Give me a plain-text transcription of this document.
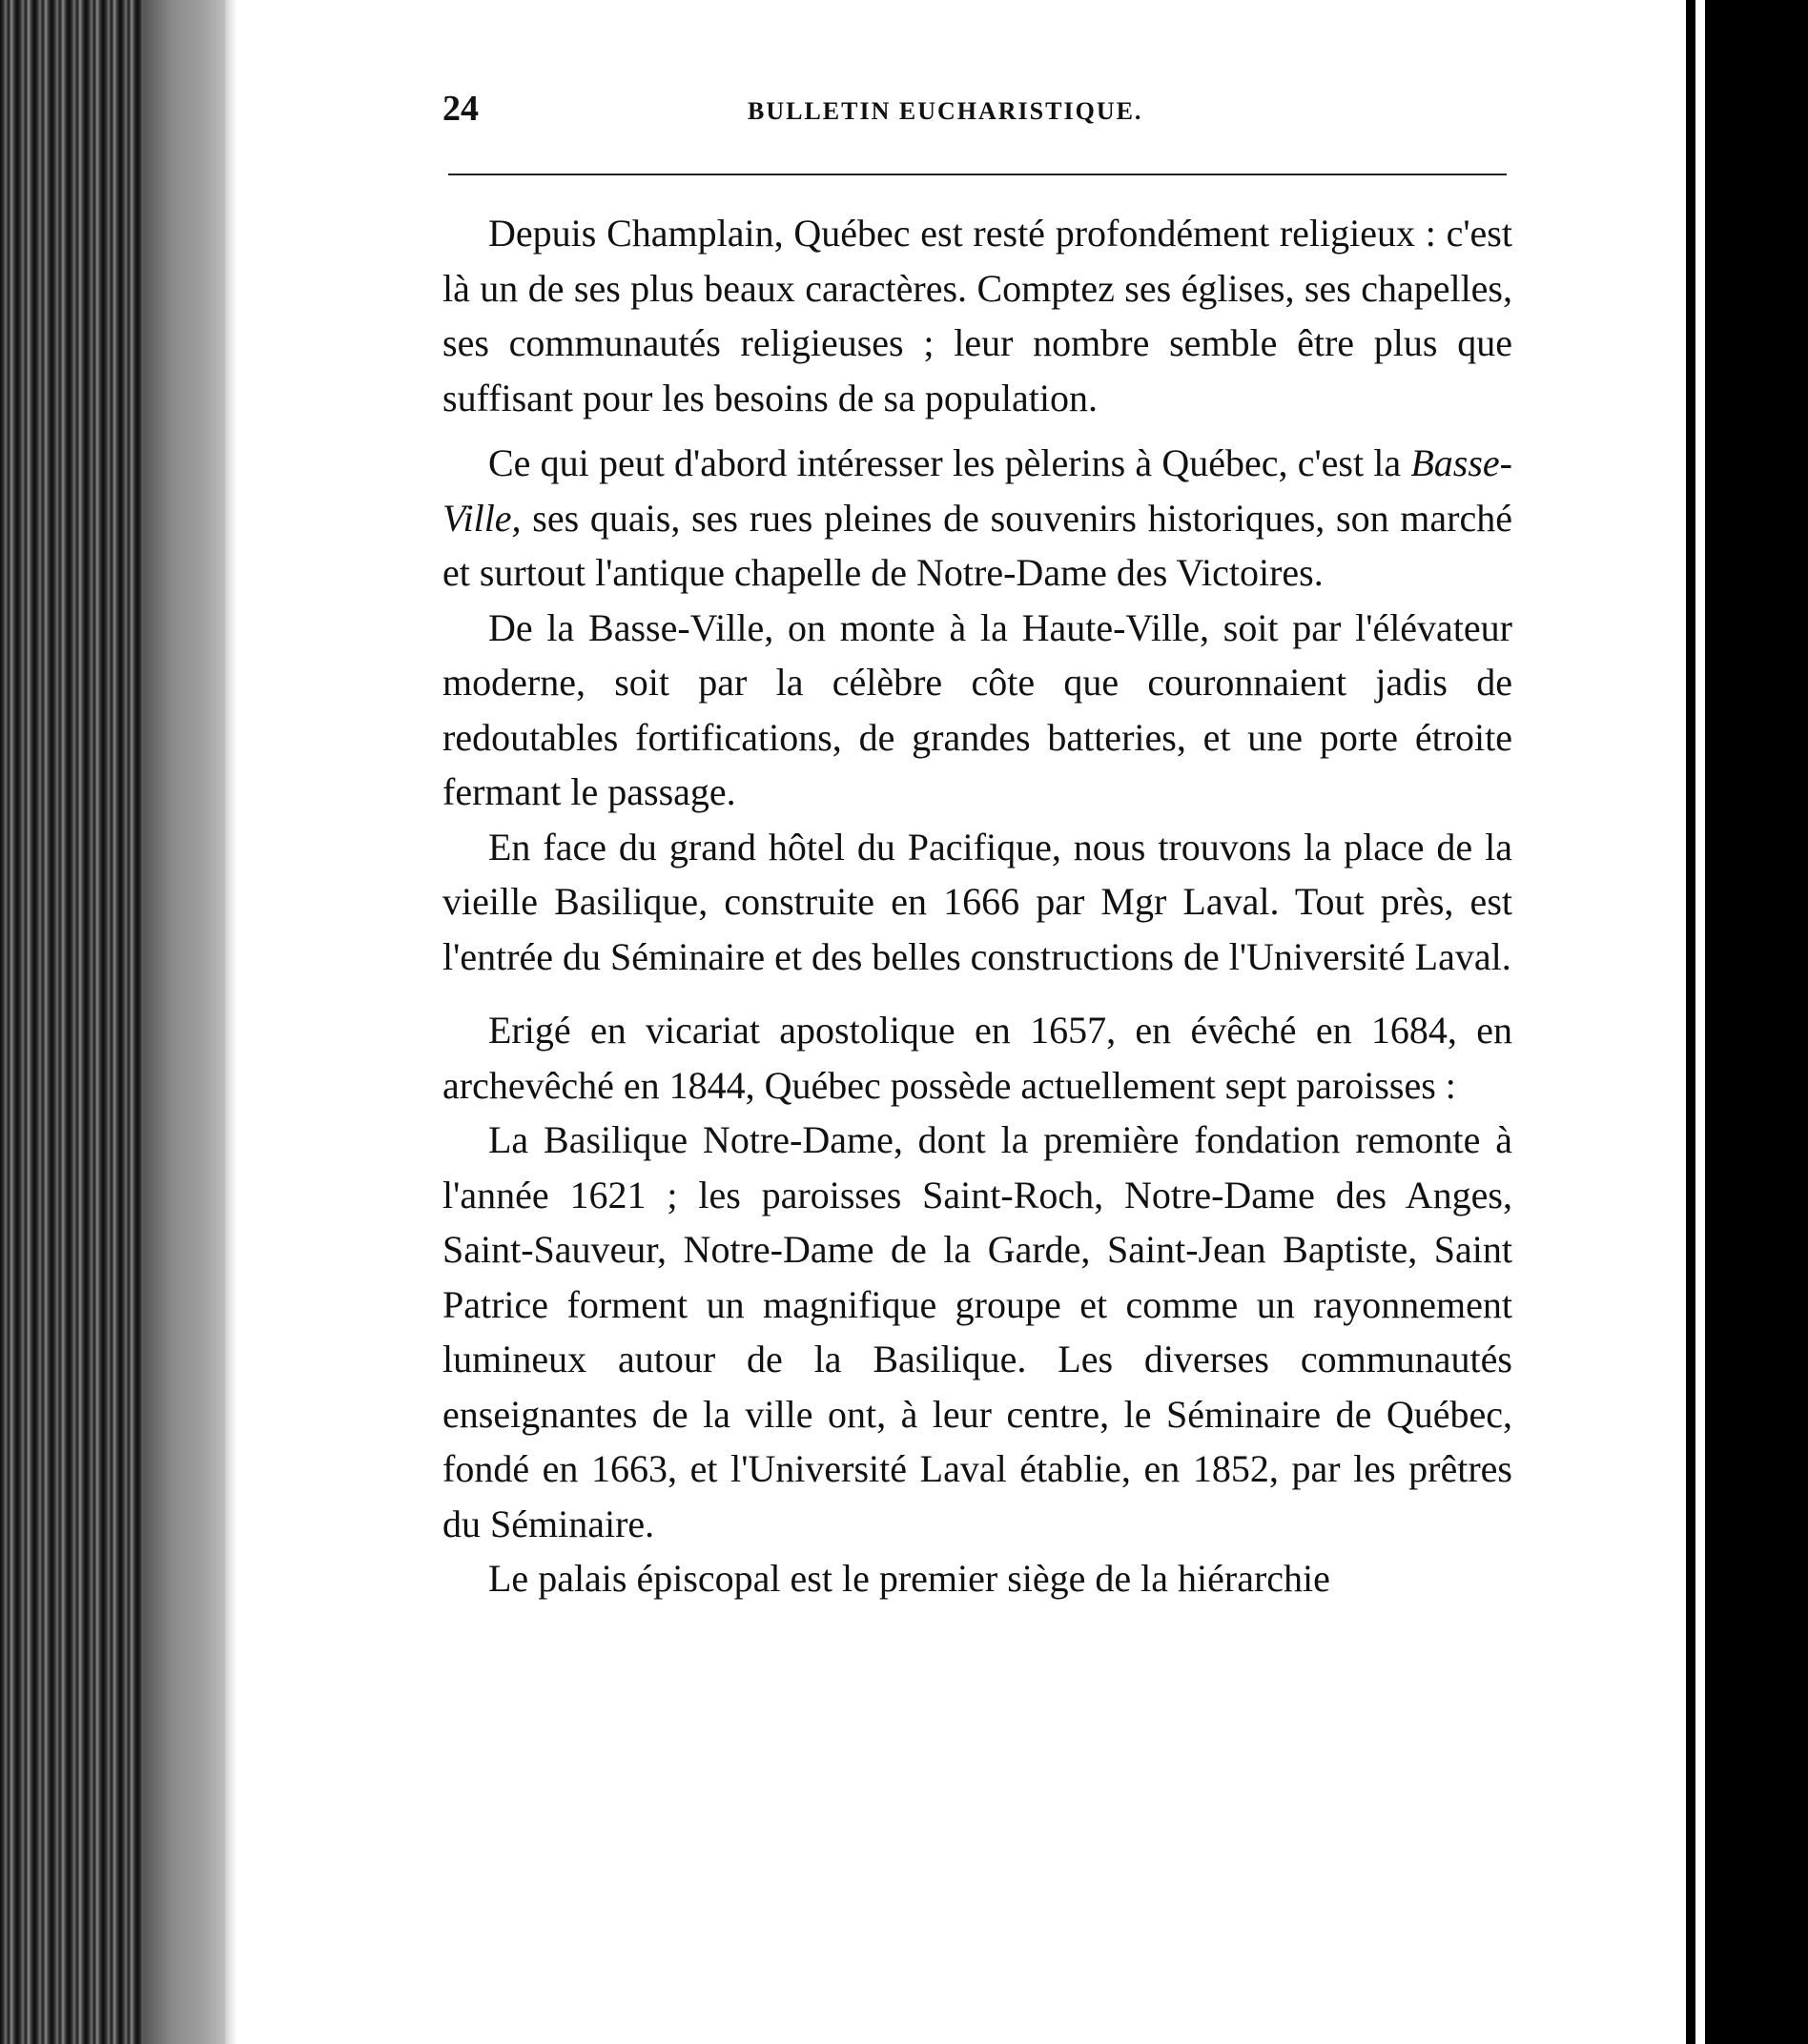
24	BULLETIN EUCHARISTIQUE.

Depuis Champlain, Québec est resté profondément religieux : c'est là un de ses plus beaux caractères. Comptez ses églises, ses chapelles, ses communautés religieuses ; leur nombre semble être plus que suffisant pour les besoins de sa population.

Ce qui peut d'abord intéresser les pèlerins à Québec, c'est la Basse-Ville, ses quais, ses rues pleines de souvenirs historiques, son marché et surtout l'antique chapelle de Notre-Dame des Victoires.

De la Basse-Ville, on monte à la Haute-Ville, soit par l'élévateur moderne, soit par la célèbre côte que couronnaient jadis de redoutables fortifications, de grandes batteries, et une porte étroite fermant le passage.

En face du grand hôtel du Pacifique, nous trouvons la place de la vieille Basilique, construite en 1666 par Mgr Laval. Tout près, est l'entrée du Séminaire et des belles constructions de l'Université Laval.

Erigé en vicariat apostolique en 1657, en évêché en 1684, en archevêché en 1844, Québec possède actuellement sept paroisses :

La Basilique Notre-Dame, dont la première fondation remonte à l'année 1621 ; les paroisses Saint-Roch, Notre-Dame des Anges, Saint-Sauveur, Notre-Dame de la Garde, Saint-Jean Baptiste, Saint Patrice forment un magnifique groupe et comme un rayonnement lumineux autour de la Basilique. Les diverses communautés enseignantes de la ville ont, à leur centre, le Séminaire de Québec, fondé en 1663, et l'Université Laval établie, en 1852, par les prêtres du Séminaire.

Le palais épiscopal est le premier siège de la hiérarchie
